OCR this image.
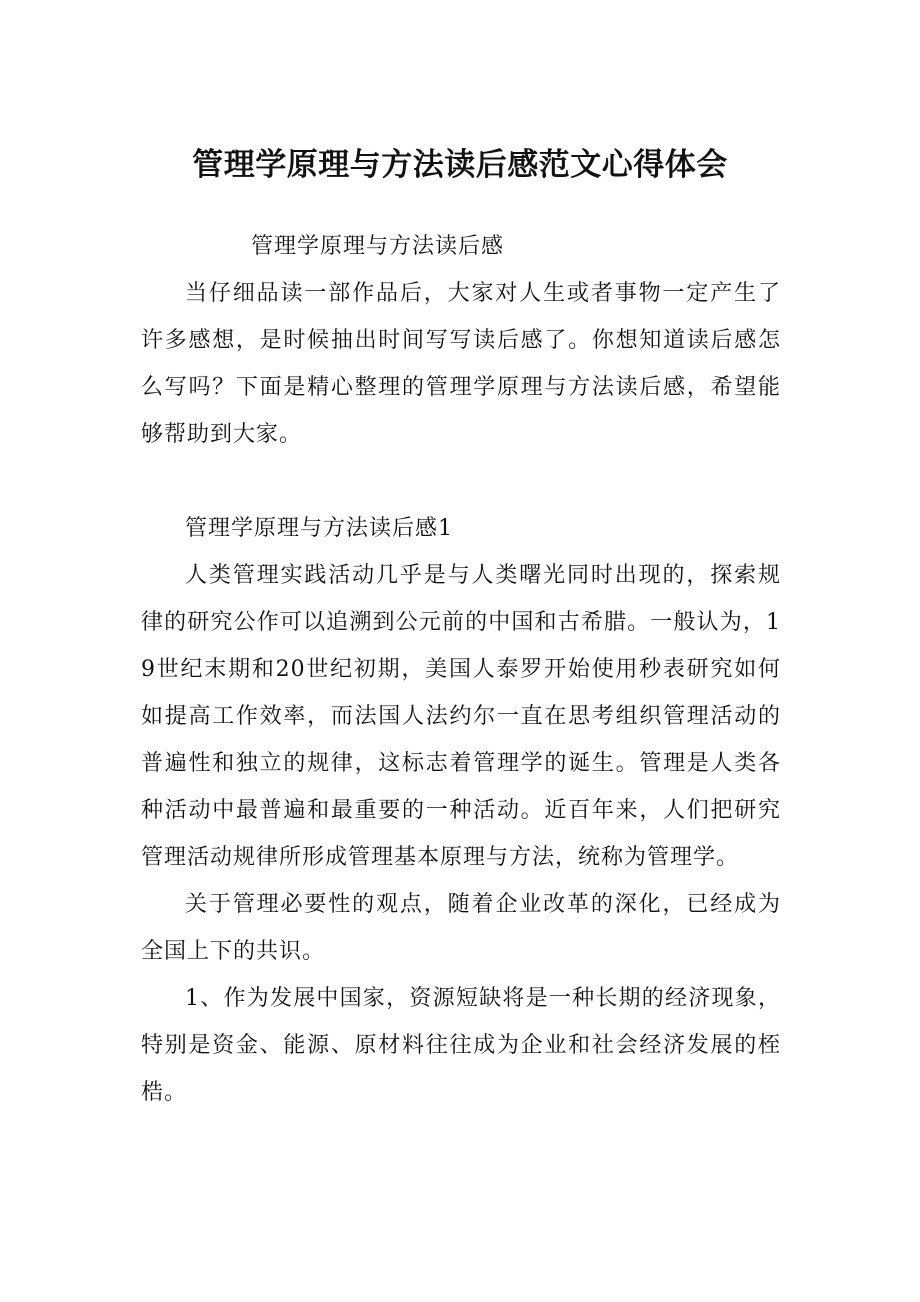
管理学原理与方法读后感范文心得体会

管理学原理与方法读后感

当仔细品读一部作品后，大家对人生或者事物一定产生了许多感想，是时候抽出时间写写读后感了。你想知道读后感怎么写吗？下面是精心整理的管理学原理与方法读后感，希望能够帮助到大家。

管理学原理与方法读后感1

人类管理实践活动几乎是与人类曙光同时出现的，探索规律的研究公作可以追溯到公元前的中国和古希腊。一般认为，19世纪末期和20世纪初期，美国人泰罗开始使用秒表研究如何如提高工作效率，而法国人法约尔一直在思考组织管理活动的普遍性和独立的规律，这标志着管理学的诞生。管理是人类各种活动中最普遍和最重要的一种活动。近百年来，人们把研究管理活动规律所形成管理基本原理与方法，统称为管理学。

关于管理必要性的观点，随着企业改革的深化，已经成为全国上下的共识。

1、作为发展中国家，资源短缺将是一种长期的经济现象，特别是资金、能源、原材料往往成为企业和社会经济发展的桎梏。
